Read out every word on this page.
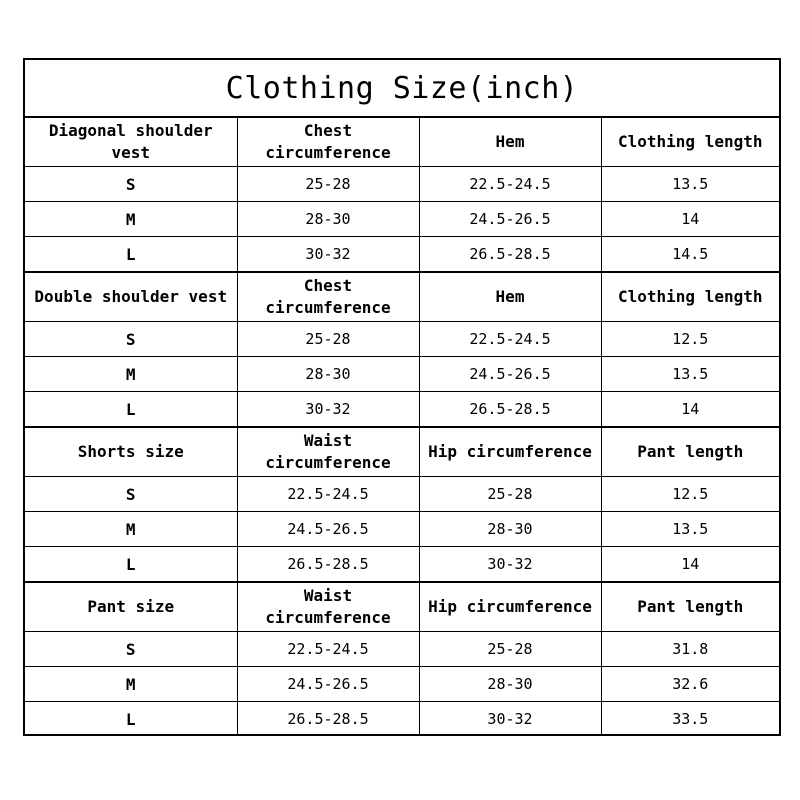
Clothing Size(inch)
Diagonal shoulder vest	Chest circumference	Hem	Clothing length
S	25-28	22.5-24.5	13.5
M	28-30	24.5-26.5	14
L	30-32	26.5-28.5	14.5
Double shoulder vest	Chest circumference	Hem	Clothing length
S	25-28	22.5-24.5	12.5
M	28-30	24.5-26.5	13.5
L	30-32	26.5-28.5	14
Shorts size	Waist circumference	Hip circumference	Pant length
S	22.5-24.5	25-28	12.5
M	24.5-26.5	28-30	13.5
L	26.5-28.5	30-32	14
Pant size	Waist circumference	Hip circumference	Pant length
S	22.5-24.5	25-28	31.8
M	24.5-26.5	28-30	32.6
L	26.5-28.5	30-32	33.5
